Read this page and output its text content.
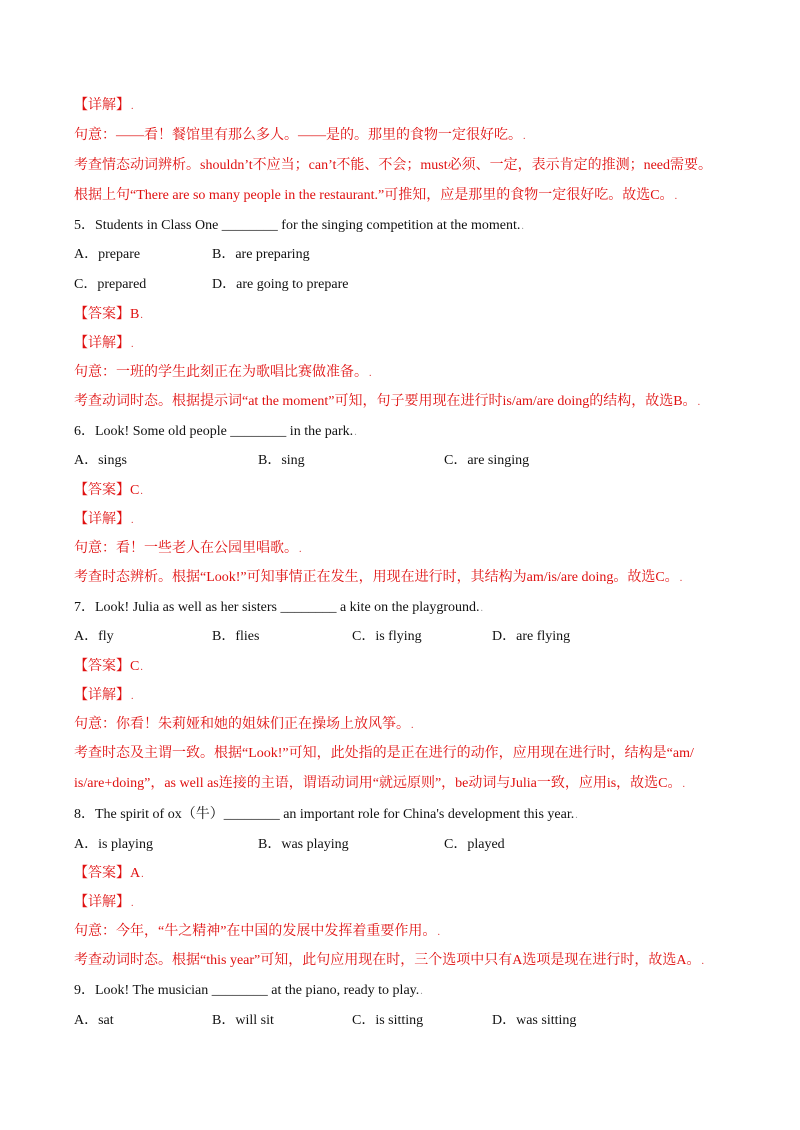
【详解】.
句意：——看！餐馆里有那么多人。——是的。那里的食物一定很好吃。.
考查情态动词辨析。shouldn’t不应当；can’t不能、不会；must必须、一定，表示肯定的推测；need需要。
根据上句“There are so many people in the restaurant.”可推知，应是那里的食物一定很好吃。故选C。.
5．Students in Class One ________ for the singing competition at the moment..
A．prepare	B．are preparing
C．prepared	D．are going to prepare
【答案】B.
【详解】.
句意：一班的学生此刻正在为歌唱比赛做准备。.
考查动词时态。根据提示词“at the moment”可知，句子要用现在进行时is/am/are doing的结构，故选B。.
6．Look! Some old people ________ in the park..
A．sings	B．sing	C．are singing
【答案】C.
【详解】.
句意：看！一些老人在公园里唱歌。.
考查时态辨析。根据“Look!”可知事情正在发生，用现在进行时，其结构为am/is/are doing。故选C。.
7．Look! Julia as well as her sisters ________ a kite on the playground..
A．fly	B．flies	C．is flying	D．are flying
【答案】C.
【详解】.
句意：你看！朱莉娅和她的姐妹们正在操场上放风筝。.
考查时态及主谓一致。根据“Look!”可知，此处指的是正在进行的动作，应用现在进行时，结构是“am/
is/are+doing”，as well as连接的主语，谓语动词用“就远原则”，be动词与Julia一致，应用is，故选C。.
8．The spirit of ox（牛）________ an important role for China's development this year..
A．is playing	B．was playing	C．played
【答案】A.
【详解】.
句意：今年，“牛之精神”在中国的发展中发挥着重要作用。.
考查动词时态。根据“this year”可知，此句应用现在时，三个选项中只有A选项是现在进行时，故选A。.
9．Look! The musician ________ at the piano, ready to play..
A．sat	B．will sit	C．is sitting	D．was sitting
